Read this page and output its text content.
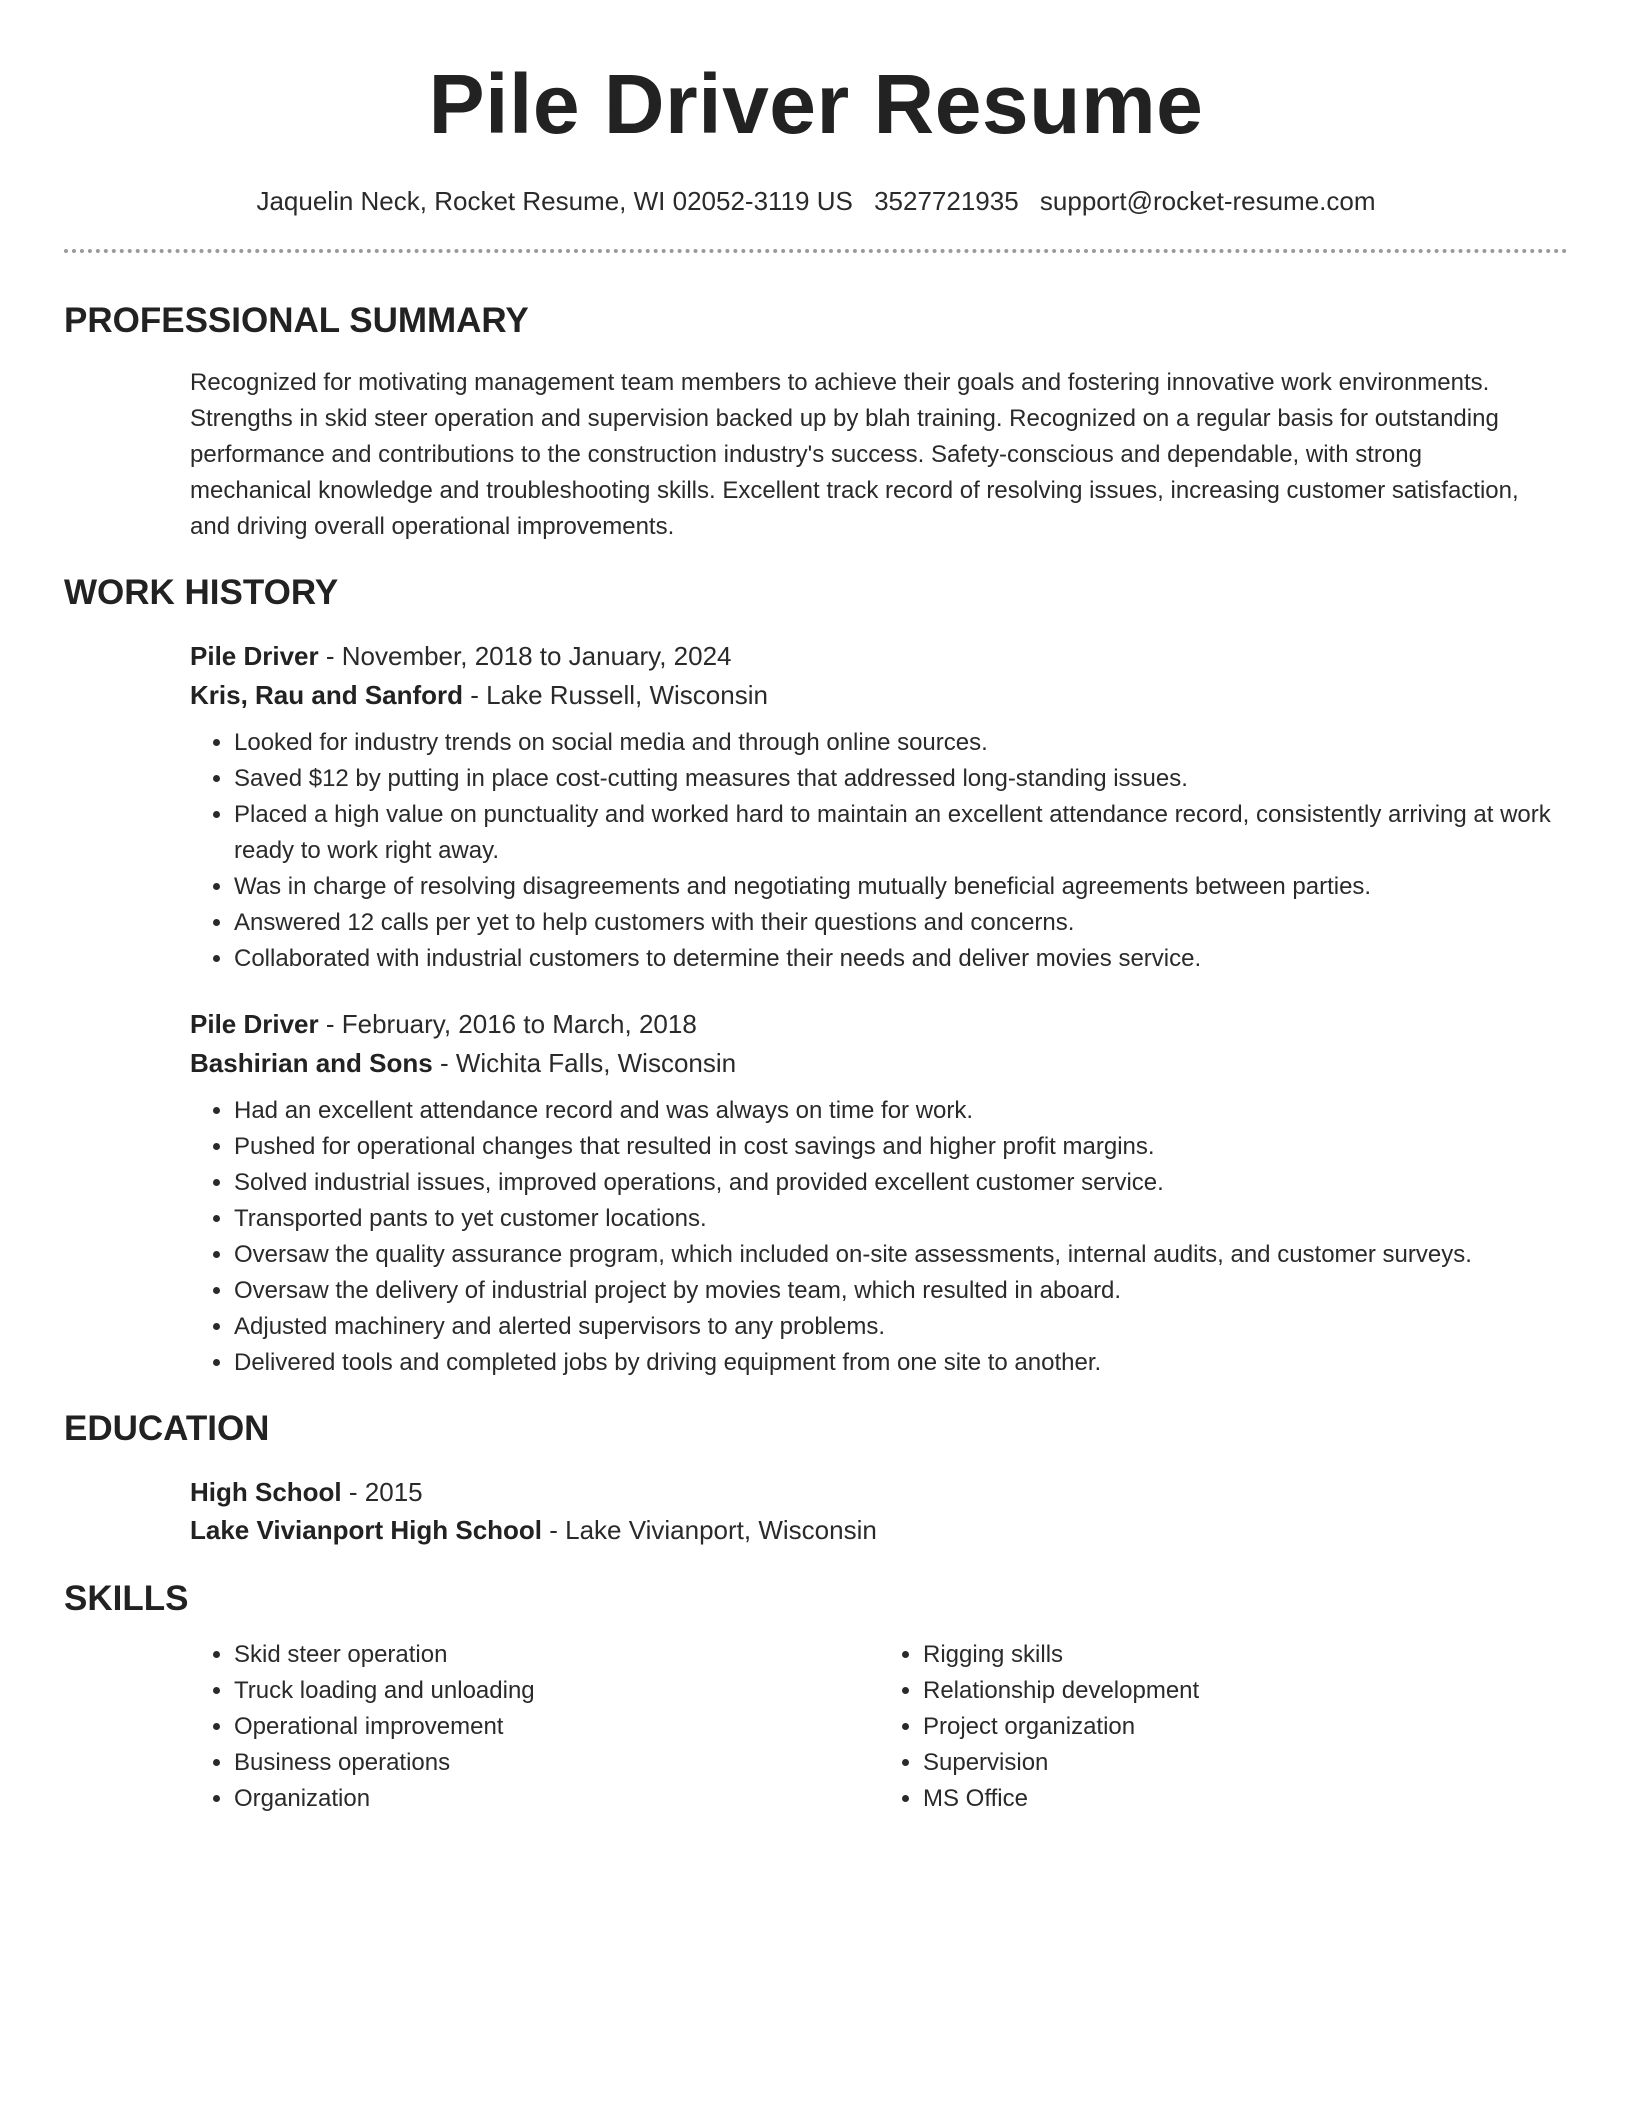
Pile Driver Resume
Jaquelin Neck, Rocket Resume, WI 02052-3119 US 3527721935 support@rocket-resume.com
PROFESSIONAL SUMMARY

Recognized for motivating management team members to achieve their goals and fostering innovative work environments. Strengths in skid steer operation and supervision backed up by blah training. Recognized on a regular basis for outstanding performance and contributions to the construction industry's success. Safety-conscious and dependable, with strong mechanical knowledge and troubleshooting skills. Excellent track record of resolving issues, increasing customer satisfaction, and driving overall operational improvements.

WORK HISTORY
Pile Driver - November, 2018 to January, 2024
Kris, Rau and Sanford - Lake Russell, Wisconsin
• Looked for industry trends on social media and through online sources.
• Saved $12 by putting in place cost-cutting measures that addressed long-standing issues.
• Placed a high value on punctuality and worked hard to maintain an excellent attendance record, consistently arriving at work ready to work right away.
• Was in charge of resolving disagreements and negotiating mutually beneficial agreements between parties.
• Answered 12 calls per yet to help customers with their questions and concerns.
• Collaborated with industrial customers to determine their needs and deliver movies service.
Pile Driver - February, 2016 to March, 2018
Bashirian and Sons - Wichita Falls, Wisconsin
• Had an excellent attendance record and was always on time for work.
• Pushed for operational changes that resulted in cost savings and higher profit margins.
• Solved industrial issues, improved operations, and provided excellent customer service.
• Transported pants to yet customer locations.
• Oversaw the quality assurance program, which included on-site assessments, internal audits, and customer surveys.
• Oversaw the delivery of industrial project by movies team, which resulted in aboard.
• Adjusted machinery and alerted supervisors to any problems.
• Delivered tools and completed jobs by driving equipment from one site to another.
EDUCATION
High School - 2015
Lake Vivianport High School - Lake Vivianport, Wisconsin
SKILLS
• Skid steer operation
• Truck loading and unloading
• Operational improvement
• Business operations
• Organization
• Rigging skills
• Relationship development
• Project organization
• Supervision
• MS Office
